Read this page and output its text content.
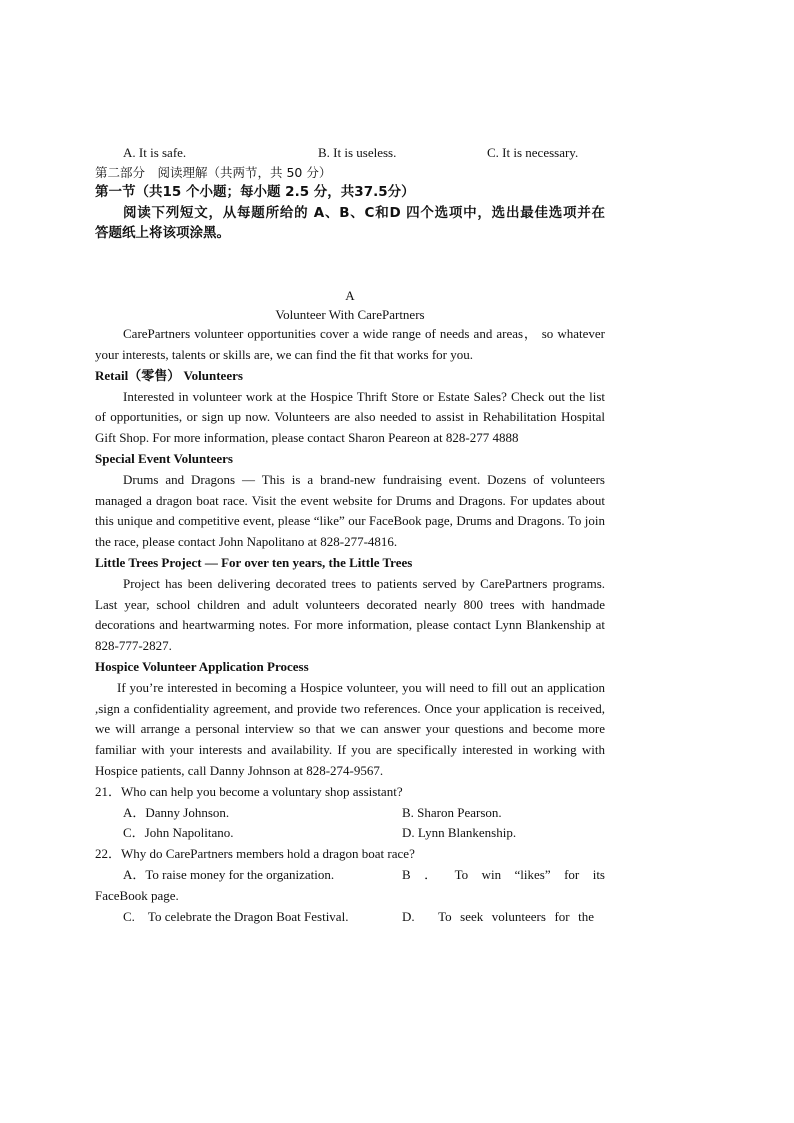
A. It is safe.	B. It is useless.	C. It is necessary.
第二部分　阅读理解（共两节，共 50 分）
第一节（共15 个小题；每小题 2.5 分，共37.5分）
阅读下列短文，从每题所给的 A、B、C和D 四个选项中，选出最佳选项并在
答题纸上将该项涂黑。
A
Volunteer With CarePartners

CarePartners volunteer opportunities cover a wide range of needs and areas， so whatever your interests, talents or skills are, we can find the fit that works for you.

Retail（零售） Volunteers

Interested in volunteer work at the Hospice Thrift Store or Estate Sales? Check out the list of opportunities, or sign up now. Volunteers are also needed to assist in Rehabilitation Hospital Gift Shop. For more information, please contact Sharon Peareon at 828-277 4888

Special Event Volunteers

Drums and Dragons — This is a brand-new fundraising event. Dozens of volunteers managed a dragon boat race. Visit the event website for Drums and Dragons. For updates about this unique and competitive event, please “like” our FaceBook page, Drums and Dragons. To join the race, please contact John Napolitano at 828-277-4816.

Little Trees Project — For over ten years, the Little Trees

Project has been delivering decorated trees to patients served by CarePartners programs. Last year, school children and adult volunteers decorated nearly 800 trees with handmade decorations and heartwarming notes. For more information, please contact Lynn Blankenship at 828-777-2827.

Hospice Volunteer Application Process

If you’re interested in becoming a Hospice volunteer, you will need to fill out an application ,sign a confidentiality agreement, and provide two references. Once your application is received, we will arrange a personal interview so that we can answer your questions and become more familiar with your interests and availability. If you are specifically interested in working with Hospice patients, call Danny Johnson at 828-274-9567.

21．Who can help you become a voluntary shop assistant?
A．Danny Johnson.	B. Sharon Pearson.
C．John Napolitano.	D. Lynn Blankenship.
22．Why do CarePartners members hold a dragon boat race?
A．To raise money for the organization.	B ． To win “likes” for its
FaceBook page.
C.　To celebrate the Dragon Boat Festival.	D.　To seek volunteers for the
